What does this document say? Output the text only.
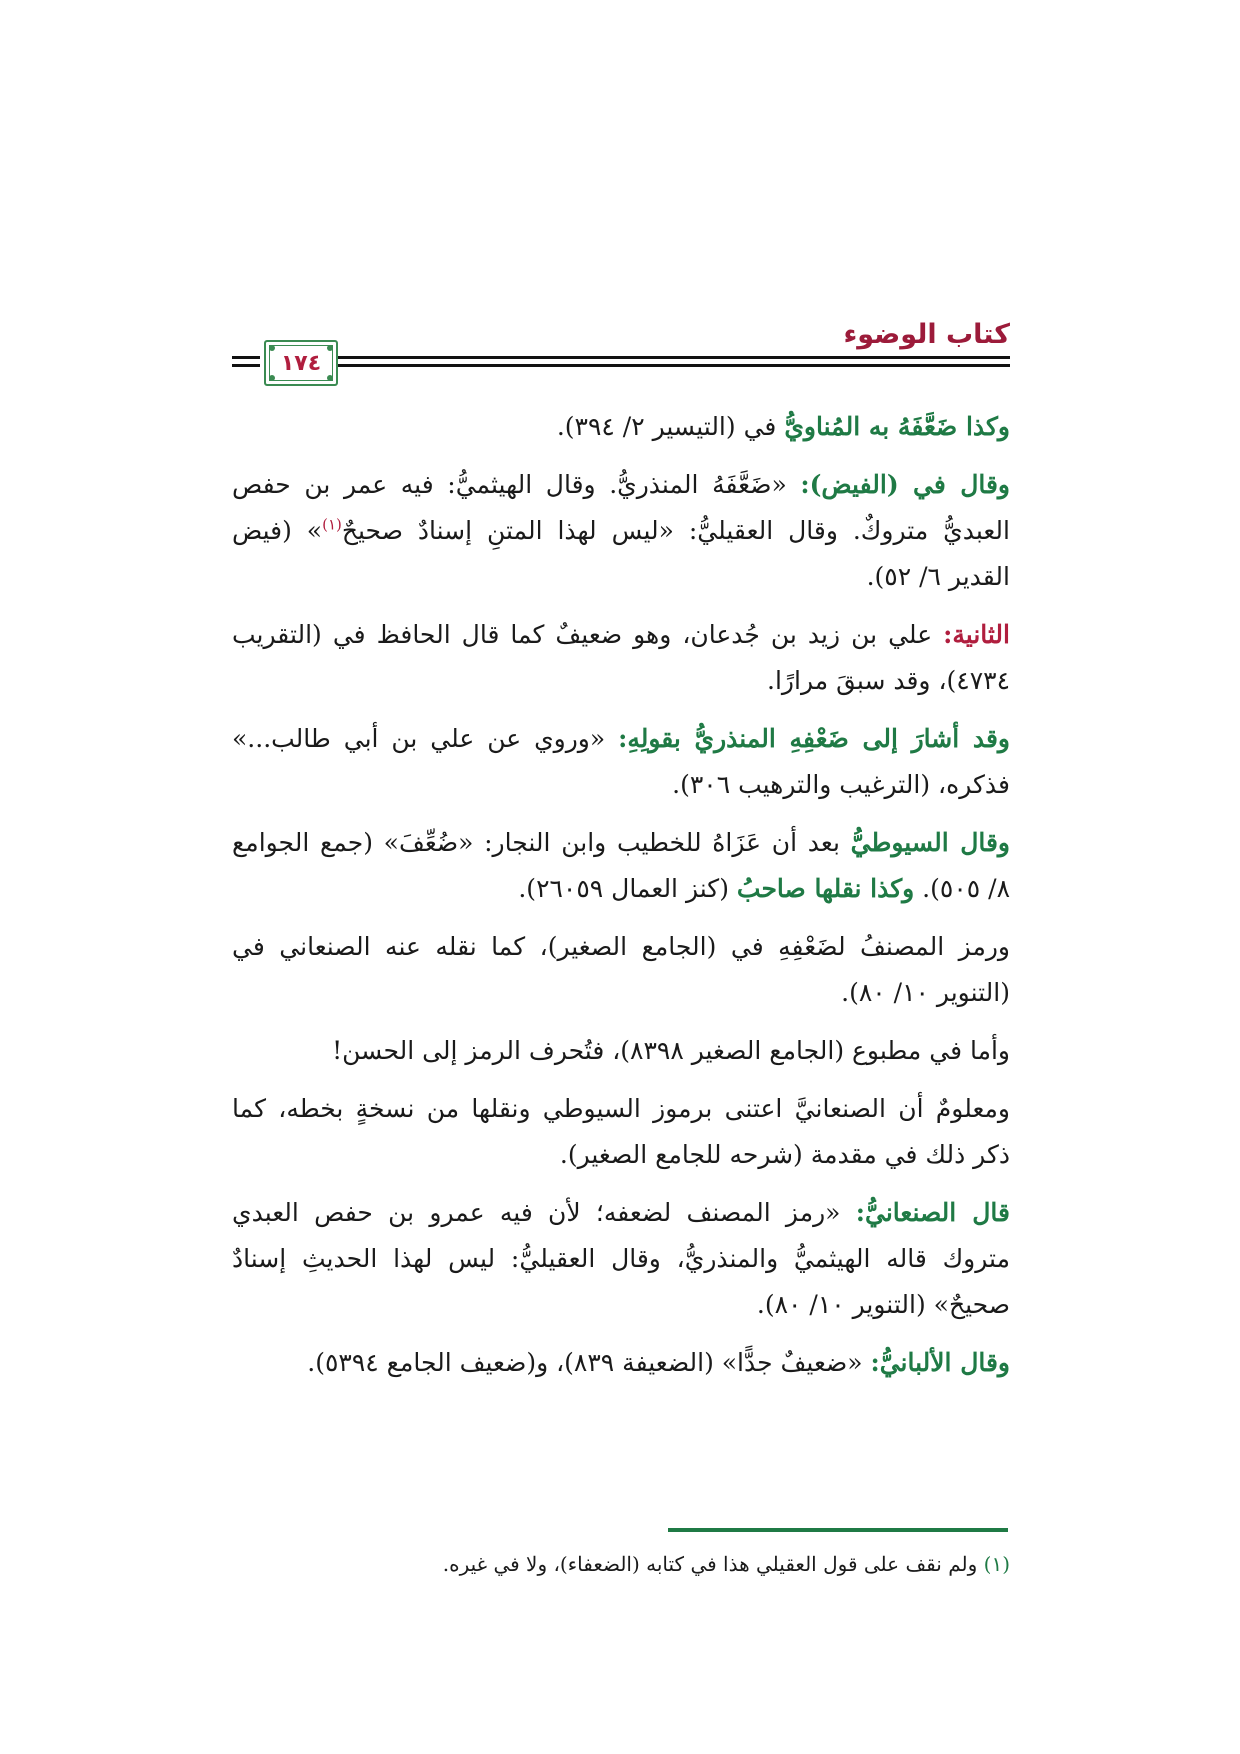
كتاب الوضوء
١٧٤

وكذا ضَعَّفَهُ به المُناويُّ في (التيسير ٢/ ٣٩٤).

وقال في (الفيض): «ضَعَّفَهُ المنذريُّ. وقال الهيثميُّ: فيه عمر بن حفص العبديُّ متروكٌ. وقال العقيليُّ: «ليس لهذا المتنِ إسنادٌ صحيحٌ$^{(١)}$» (فيض القدير ٦/ ٥٢).

الثانية: علي بن زيد بن جُدعان، وهو ضعيفٌ كما قال الحافظ في (التقريب ٤٧٣٤)، وقد سبقَ مرارًا.

وقد أشارَ إلى ضَعْفِهِ المنذريُّ بقولِهِ: «وروي عن علي بن أبي طالب...» فذكره، (الترغيب والترهيب ٣٠٦).

وقال السيوطيُّ بعد أن عَزَاهُ للخطيب وابن النجار: «ضُعِّفَ» (جمع الجوامع ٨/ ٥٠٥). وكذا نقلها صاحبُ (كنز العمال ٢٦٠٥٩).

ورمز المصنفُ لضَعْفِهِ في (الجامع الصغير)، كما نقله عنه الصنعاني في (التنوير ١٠/ ٨٠).

وأما في مطبوع (الجامع الصغير ٨٣٩٨)، فتُحرف الرمز إلى الحسن!

ومعلومٌ أن الصنعانيَّ اعتنى برموز السيوطي ونقلها من نسخةٍ بخطه، كما ذكر ذلك في مقدمة (شرحه للجامع الصغير).

قال الصنعانيُّ: «رمز المصنف لضعفه؛ لأن فيه عمرو بن حفص العبدي متروك قاله الهيثميُّ والمنذريُّ، وقال العقيليُّ: ليس لهذا الحديثِ إسنادٌ صحيحٌ» (التنوير ١٠/ ٨٠).

وقال الألبانيُّ: «ضعيفٌ جدًّا» (الضعيفة ٨٣٩)، و(ضعيف الجامع ٥٣٩٤).

(١) ولم نقف على قول العقيلي هذا في كتابه (الضعفاء)، ولا في غيره.
